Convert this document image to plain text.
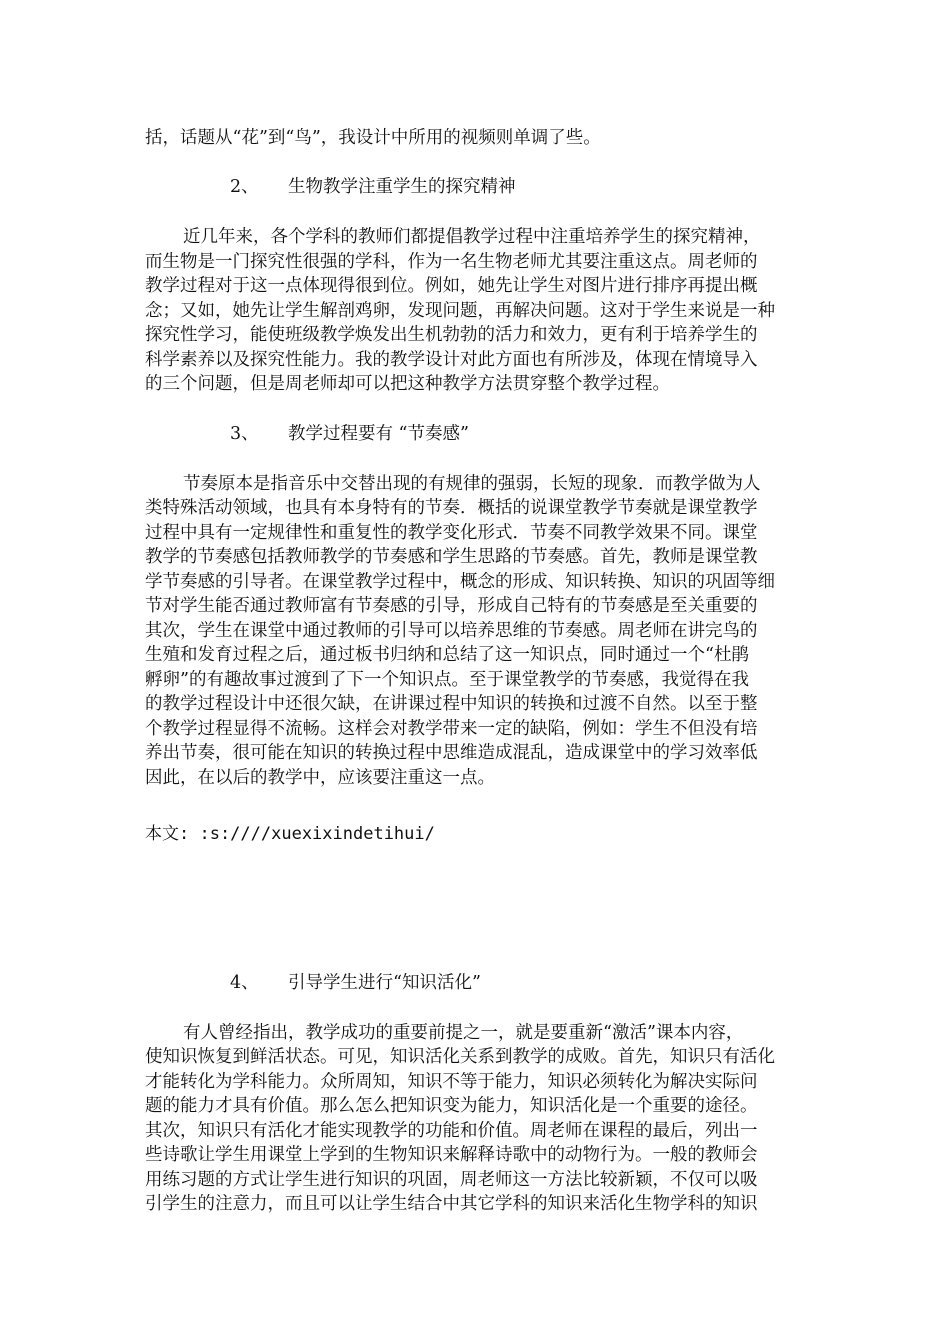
括，话题从“花”到“鸟”，我设计中所用的视频则单调了些。
2、 生物教学注重学生的探究精神
近几年来，各个学科的教师们都提倡教学过程中注重培养学生的探究精神，
而生物是一门探究性很强的学科，作为一名生物老师尤其要注重这点。周老师的
教学过程对于这一点体现得很到位。例如，她先让学生对图片进行排序再提出概
念；又如，她先让学生解剖鸡卵，发现问题，再解决问题。这对于学生来说是一种
探究性学习，能使班级教学焕发出生机勃勃的活力和效力，更有利于培养学生的
科学素养以及探究性能力。我的教学设计对此方面也有所涉及，体现在情境导入
的三个问题，但是周老师却可以把这种教学方法贯穿整个教学过程。
3、 教学过程要有 “节奏感”
节奏原本是指音乐中交替出现的有规律的强弱，长短的现象．而教学做为人
类特殊活动领域，也具有本身特有的节奏．概括的说课堂教学节奏就是课堂教学
过程中具有一定规律性和重复性的教学变化形式．节奏不同教学效果不同。课堂
教学的节奏感包括教师教学的节奏感和学生思路的节奏感。首先，教师是课堂教
学节奏感的引导者。在课堂教学过程中，概念的形成、知识转换、知识的巩固等细
节对学生能否通过教师富有节奏感的引导，形成自己特有的节奏感是至关重要的
其次，学生在课堂中通过教师的引导可以培养思维的节奏感。周老师在讲完鸟的
生殖和发育过程之后，通过板书归纳和总结了这一知识点，同时通过一个“杜鹃
孵卵”的有趣故事过渡到了下一个知识点。至于课堂教学的节奏感，我觉得在我
的教学过程设计中还很欠缺，在讲课过程中知识的转换和过渡不自然。以至于整
个教学过程显得不流畅。这样会对教学带来一定的缺陷，例如：学生不但没有培
养出节奏，很可能在知识的转换过程中思维造成混乱，造成课堂中的学习效率低
因此，在以后的教学中，应该要注重这一点。
本文: :s:////xuexixindetihui/
4、 引导学生进行“知识活化”
有人曾经指出，教学成功的重要前提之一，就是要重新“激活”课本内容，
使知识恢复到鲜活状态。可见，知识活化关系到教学的成败。首先，知识只有活化
才能转化为学科能力。众所周知，知识不等于能力，知识必须转化为解决实际问
题的能力才具有价值。那么怎么把知识变为能力，知识活化是一个重要的途径。
其次，知识只有活化才能实现教学的功能和价值。周老师在课程的最后，列出一
些诗歌让学生用课堂上学到的生物知识来解释诗歌中的动物行为。一般的教师会
用练习题的方式让学生进行知识的巩固，周老师这一方法比较新颖，不仅可以吸
引学生的注意力，而且可以让学生结合中其它学科的知识来活化生物学科的知识
